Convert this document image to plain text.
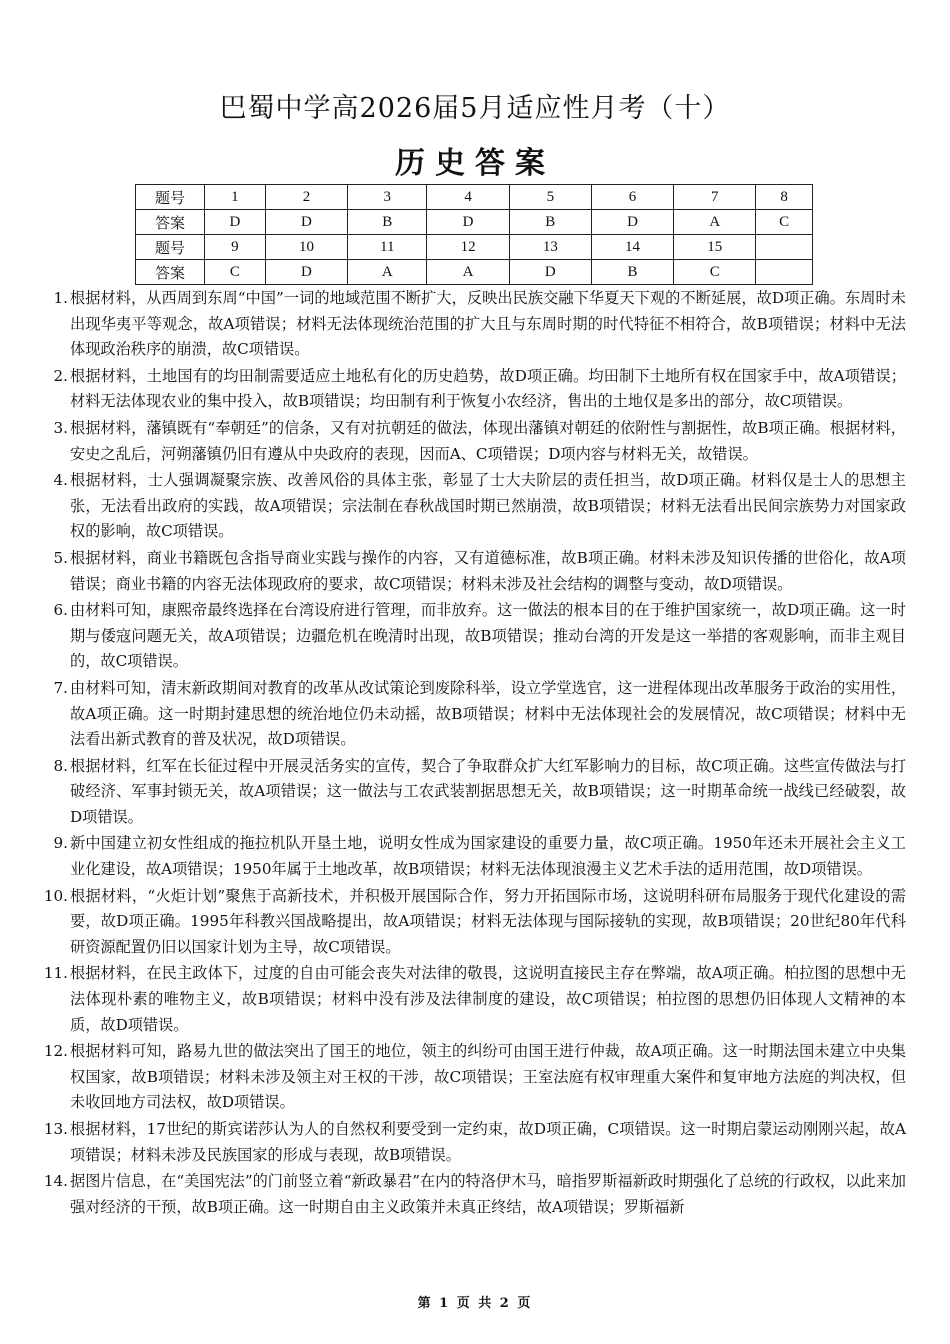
巴蜀中学高2026届5月适应性月考（十）
历史答案
题号	1	2	3	4	5	6	7	8
答案	D	D	B	D	B	D	A	C
题号	9	10	11	12	13	14	15	
答案	C	D	A	A	D	B	C	
1. 根据材料，从西周到东周“中国”一词的地域范围不断扩大，反映出民族交融下华夏天下观的不断延展，故D项正确。东周时未出现华夷平等观念，故A项错误；材料无法体现统治范围的扩大且与东周时期的时代特征不相符合，故B项错误；材料中无法体现政治秩序的崩溃，故C项错误。
2. 根据材料，土地国有的均田制需要适应土地私有化的历史趋势，故D项正确。均田制下土地所有权在国家手中，故A项错误；材料无法体现农业的集中投入，故B项错误；均田制有利于恢复小农经济，售出的土地仅是多出的部分，故C项错误。
3. 根据材料，藩镇既有“奉朝廷”的信条，又有对抗朝廷的做法，体现出藩镇对朝廷的依附性与割据性，故B项正确。根据材料，安史之乱后，河朔藩镇仍旧有遵从中央政府的表现，因而A、C项错误；D项内容与材料无关，故错误。
4. 根据材料，士人强调凝聚宗族、改善风俗的具体主张，彰显了士大夫阶层的责任担当，故D项正确。材料仅是士人的思想主张，无法看出政府的实践，故A项错误；宗法制在春秋战国时期已然崩溃，故B项错误；材料无法看出民间宗族势力对国家政权的影响，故C项错误。
5. 根据材料，商业书籍既包含指导商业实践与操作的内容，又有道德标准，故B项正确。材料未涉及知识传播的世俗化，故A项错误；商业书籍的内容无法体现政府的要求，故C项错误；材料未涉及社会结构的调整与变动，故D项错误。
6. 由材料可知，康熙帝最终选择在台湾设府进行管理，而非放弃。这一做法的根本目的在于维护国家统一，故D项正确。这一时期与倭寇问题无关，故A项错误；边疆危机在晚清时出现，故B项错误；推动台湾的开发是这一举措的客观影响，而非主观目的，故C项错误。
7. 由材料可知，清末新政期间对教育的改革从改试策论到废除科举，设立学堂选官，这一进程体现出改革服务于政治的实用性，故A项正确。这一时期封建思想的统治地位仍未动摇，故B项错误；材料中无法体现社会的发展情况，故C项错误；材料中无法看出新式教育的普及状况，故D项错误。
8. 根据材料，红军在长征过程中开展灵活务实的宣传，契合了争取群众扩大红军影响力的目标，故C项正确。这些宣传做法与打破经济、军事封锁无关，故A项错误；这一做法与工农武装割据思想无关，故B项错误；这一时期革命统一战线已经破裂，故D项错误。
9. 新中国建立初女性组成的拖拉机队开垦土地，说明女性成为国家建设的重要力量，故C项正确。1950年还未开展社会主义工业化建设，故A项错误；1950年属于土地改革，故B项错误；材料无法体现浪漫主义艺术手法的适用范围，故D项错误。
10. 根据材料，“火炬计划”聚焦于高新技术，并积极开展国际合作，努力开拓国际市场，这说明科研布局服务于现代化建设的需要，故D项正确。1995年科教兴国战略提出，故A项错误；材料无法体现与国际接轨的实现，故B项错误；20世纪80年代科研资源配置仍旧以国家计划为主导，故C项错误。
11. 根据材料，在民主政体下，过度的自由可能会丧失对法律的敬畏，这说明直接民主存在弊端，故A项正确。柏拉图的思想中无法体现朴素的唯物主义，故B项错误；材料中没有涉及法律制度的建设，故C项错误；柏拉图的思想仍旧体现人文精神的本质，故D项错误。
12. 根据材料可知，路易九世的做法突出了国王的地位，领主的纠纷可由国王进行仲裁，故A项正确。这一时期法国未建立中央集权国家，故B项错误；材料未涉及领主对王权的干涉，故C项错误；王室法庭有权审理重大案件和复审地方法庭的判决权，但未收回地方司法权，故D项错误。
13. 根据材料，17世纪的斯宾诺莎认为人的自然权利要受到一定约束，故D项正确，C项错误。这一时期启蒙运动刚刚兴起，故A项错误；材料未涉及民族国家的形成与表现，故B项错误。
14. 据图片信息，在“美国宪法”的门前竖立着“新政暴君”在内的特洛伊木马，暗指罗斯福新政时期强化了总统的行政权，以此来加强对经济的干预，故B项正确。这一时期自由主义政策并未真正终结，故A项错误；罗斯福新
第 1 页 共 2 页
